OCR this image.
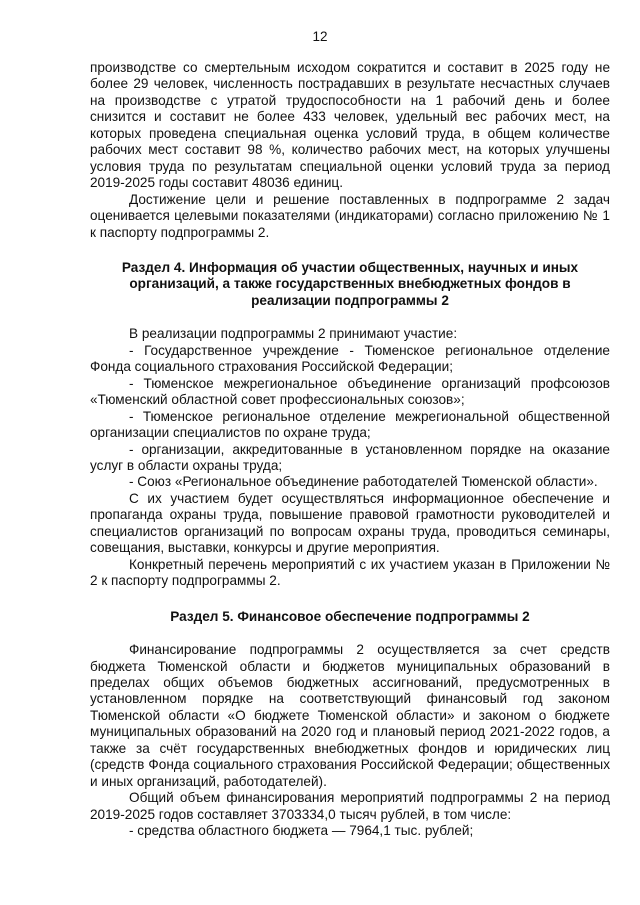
12

производстве со смертельным исходом сократится и составит в 2025 году не более 29 человек, численность пострадавших в результате несчастных случаев на производстве с утратой трудоспособности на 1 рабочий день и более снизится и составит не более 433 человек, удельный вес рабочих мест, на которых проведена специальная оценка условий труда, в общем количестве рабочих мест составит 98 %, количество рабочих мест, на которых улучшены условия труда по результатам специальной оценки условий труда за период 2019-2025 годы составит 48036 единиц.

Достижение цели и решение поставленных в подпрограмме 2 задач оценивается целевыми показателями (индикаторами) согласно приложению № 1 к паспорту подпрограммы 2.

Раздел 4. Информация об участии общественных, научных и иных организаций, а также государственных внебюджетных фондов в реализации подпрограммы 2

В реализации подпрограммы 2 принимают участие:

- Государственное учреждение - Тюменское региональное отделение Фонда социального страхования Российской Федерации;

- Тюменское межрегиональное объединение организаций профсоюзов «Тюменский областной совет профессиональных союзов»;

- Тюменское региональное отделение межрегиональной общественной организации специалистов по охране труда;

- организации, аккредитованные в установленном порядке на оказание услуг в области охраны труда;

- Союз «Региональное объединение работодателей Тюменской области».

С их участием будет осуществляться информационное обеспечение и пропаганда охраны труда, повышение правовой грамотности руководителей и специалистов организаций по вопросам охраны труда, проводиться семинары, совещания, выставки, конкурсы и другие мероприятия.

Конкретный перечень мероприятий с их участием указан в Приложении № 2 к паспорту подпрограммы 2.

Раздел 5. Финансовое обеспечение подпрограммы 2

Финансирование подпрограммы 2 осуществляется за счет средств бюджета Тюменской области и бюджетов муниципальных образований в пределах общих объемов бюджетных ассигнований, предусмотренных в установленном порядке на соответствующий финансовый год законом Тюменской области «О бюджете Тюменской области» и законом о бюджете муниципальных образований на 2020 год и плановый период 2021-2022 годов, а также за счёт государственных внебюджетных фондов и юридических лиц (средств Фонда социального страхования Российской Федерации; общественных и иных организаций, работодателей).

Общий объем финансирования мероприятий подпрограммы 2 на период 2019-2025 годов составляет 3703334,0 тысяч рублей, в том числе:

- средства областного бюджета — 7964,1 тыс. рублей;
